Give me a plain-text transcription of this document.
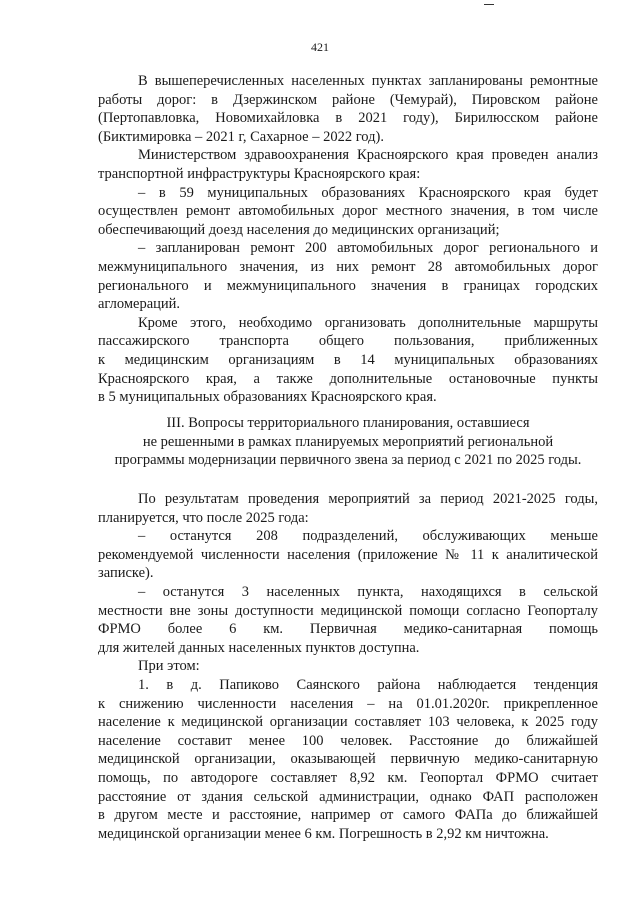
421
В вышеперечисленных населенных пунктах запланированы ремонтные
работы дорог: в Дзержинском районе (Чемурай), Пировском районе
(Пертопавловка, Новомихайловка в 2021 году), Бирилюсском районе
(Биктимировка – 2021 г, Сахарное – 2022 год).
Министерством здравоохранения Красноярского края проведен анализ
транспортной инфраструктуры Красноярского края:
– в 59 муниципальных образованиях Красноярского края будет
осуществлен ремонт автомобильных дорог местного значения, в том числе
обеспечивающий доезд населения до медицинских организаций;
– запланирован ремонт 200 автомобильных дорог регионального и
межмуниципального значения, из них ремонт 28 автомобильных дорог
регионального и межмуниципального значения в границах городских
агломераций.
Кроме этого, необходимо организовать дополнительные маршруты
пассажирского транспорта общего пользования, приближенных
к медицинским организациям в 14 муниципальных образованиях
Красноярского края, а также дополнительные остановочные пункты
в 5 муниципальных образованиях Красноярского края.
III. Вопросы территориального планирования, оставшиеся
не решенными в рамках планируемых мероприятий региональной
программы модернизации первичного звена за период с 2021 по 2025 годы.
По результатам проведения мероприятий за период 2021-2025 годы,
планируется, что после 2025 года:
– останутся 208 подразделений, обслуживающих меньше
рекомендуемой численности населения (приложение № 11 к аналитической
записке).
– останутся 3 населенных пункта, находящихся в сельской
местности вне зоны доступности медицинской помощи согласно Геопорталу
ФРМО более 6 км. Первичная медико-санитарная помощь
для жителей данных населенных пунктов доступна.
При этом:
1. в д. Папиково Саянского района наблюдается тенденция
к снижению численности населения – на 01.01.2020г. прикрепленное
население к медицинской организации составляет 103 человека, к 2025 году
население составит менее 100 человек. Расстояние до ближайшей
медицинской организации, оказывающей первичную медико-санитарную
помощь, по автодороге составляет 8,92 км. Геопортал ФРМО считает
расстояние от здания сельской администрации, однако ФАП расположен
в другом месте и расстояние, например от самого ФАПа до ближайшей
медицинской организации менее 6 км. Погрешность в 2,92 км ничтожна.
